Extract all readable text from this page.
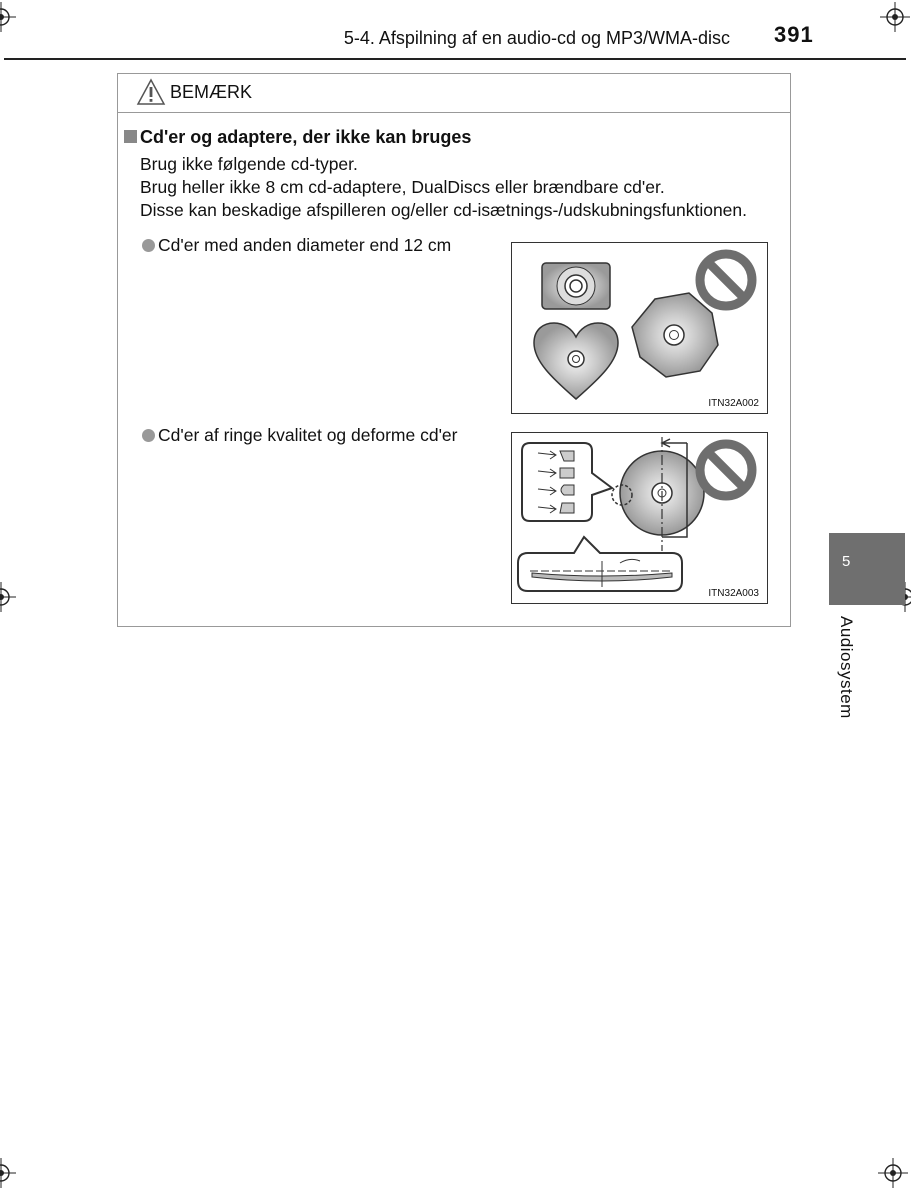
5-4. Afspilning af en audio-cd og MP3/WMA-disc 391
BEMÆRK
Cd'er og adaptere, der ikke kan bruges
Brug ikke følgende cd-typer.
Brug heller ikke 8 cm cd-adaptere, DualDiscs eller brændbare cd'er.
Disse kan beskadige afspilleren og/eller cd-isætnings-/udskubningsfunktionen.
Cd'er med anden diameter end 12 cm
ITN32A002
Cd'er af ringe kvalitet og deforme cd'er
ITN32A003
5
Audiosystem
